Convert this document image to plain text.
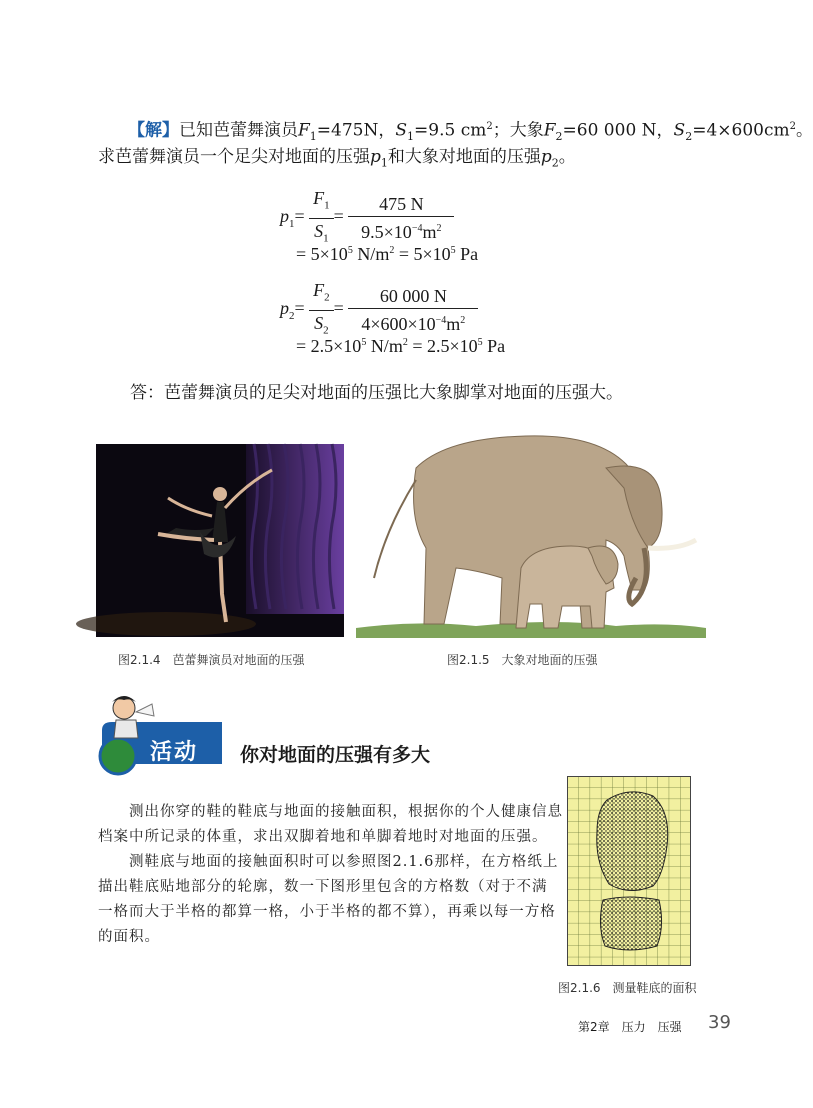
【解】已知芭蕾舞演员$F_1=475N$，$S_1=9.5$ $cm^2$；大象$F_2=60$ 000 N，$S_2=4\times 600cm^2$。
求芭蕾舞演员一个足尖对地面的压强$p_1$和大象对地面的压强$p_2$。
$p_1= \frac{F_1}{S_1} = \frac{475 N}{9.5\times 10^{-4}m^2}$
= $5\times 10^5$ $N/m^2 = 5\times 10^5$ Pa
$p_2= \frac{F_2}{S_2} = \frac{60 000 N}{4\times 600\times 10^{-4}m^2}$
= $2.5\times 10^5$ $N/m^2 = 2.5\times 10^5$ Pa
答：芭蕾舞演员的足尖对地面的压强比大象脚掌对地面的压强大。
图2.1.4　芭蕾舞演员对地面的压强	图2.1.5　大象对地面的压强
活动 你对地面的压强有多大
测出你穿的鞋的鞋底与地面的接触面积，根据你的个人健康信息
档案中所记录的体重，求出双脚着地和单脚着地时对地面的压强。
测鞋底与地面的接触面积时可以参照图2.1.6那样，在方格纸上
描出鞋底贴地部分的轮廓，数一下图形里包含的方格数（对于不满
一格而大于半格的都算一格，小于半格的都不算），再乘以每一方格
的面积。
图2.1.6　测量鞋底的面积
第2章　压力　压强 39
